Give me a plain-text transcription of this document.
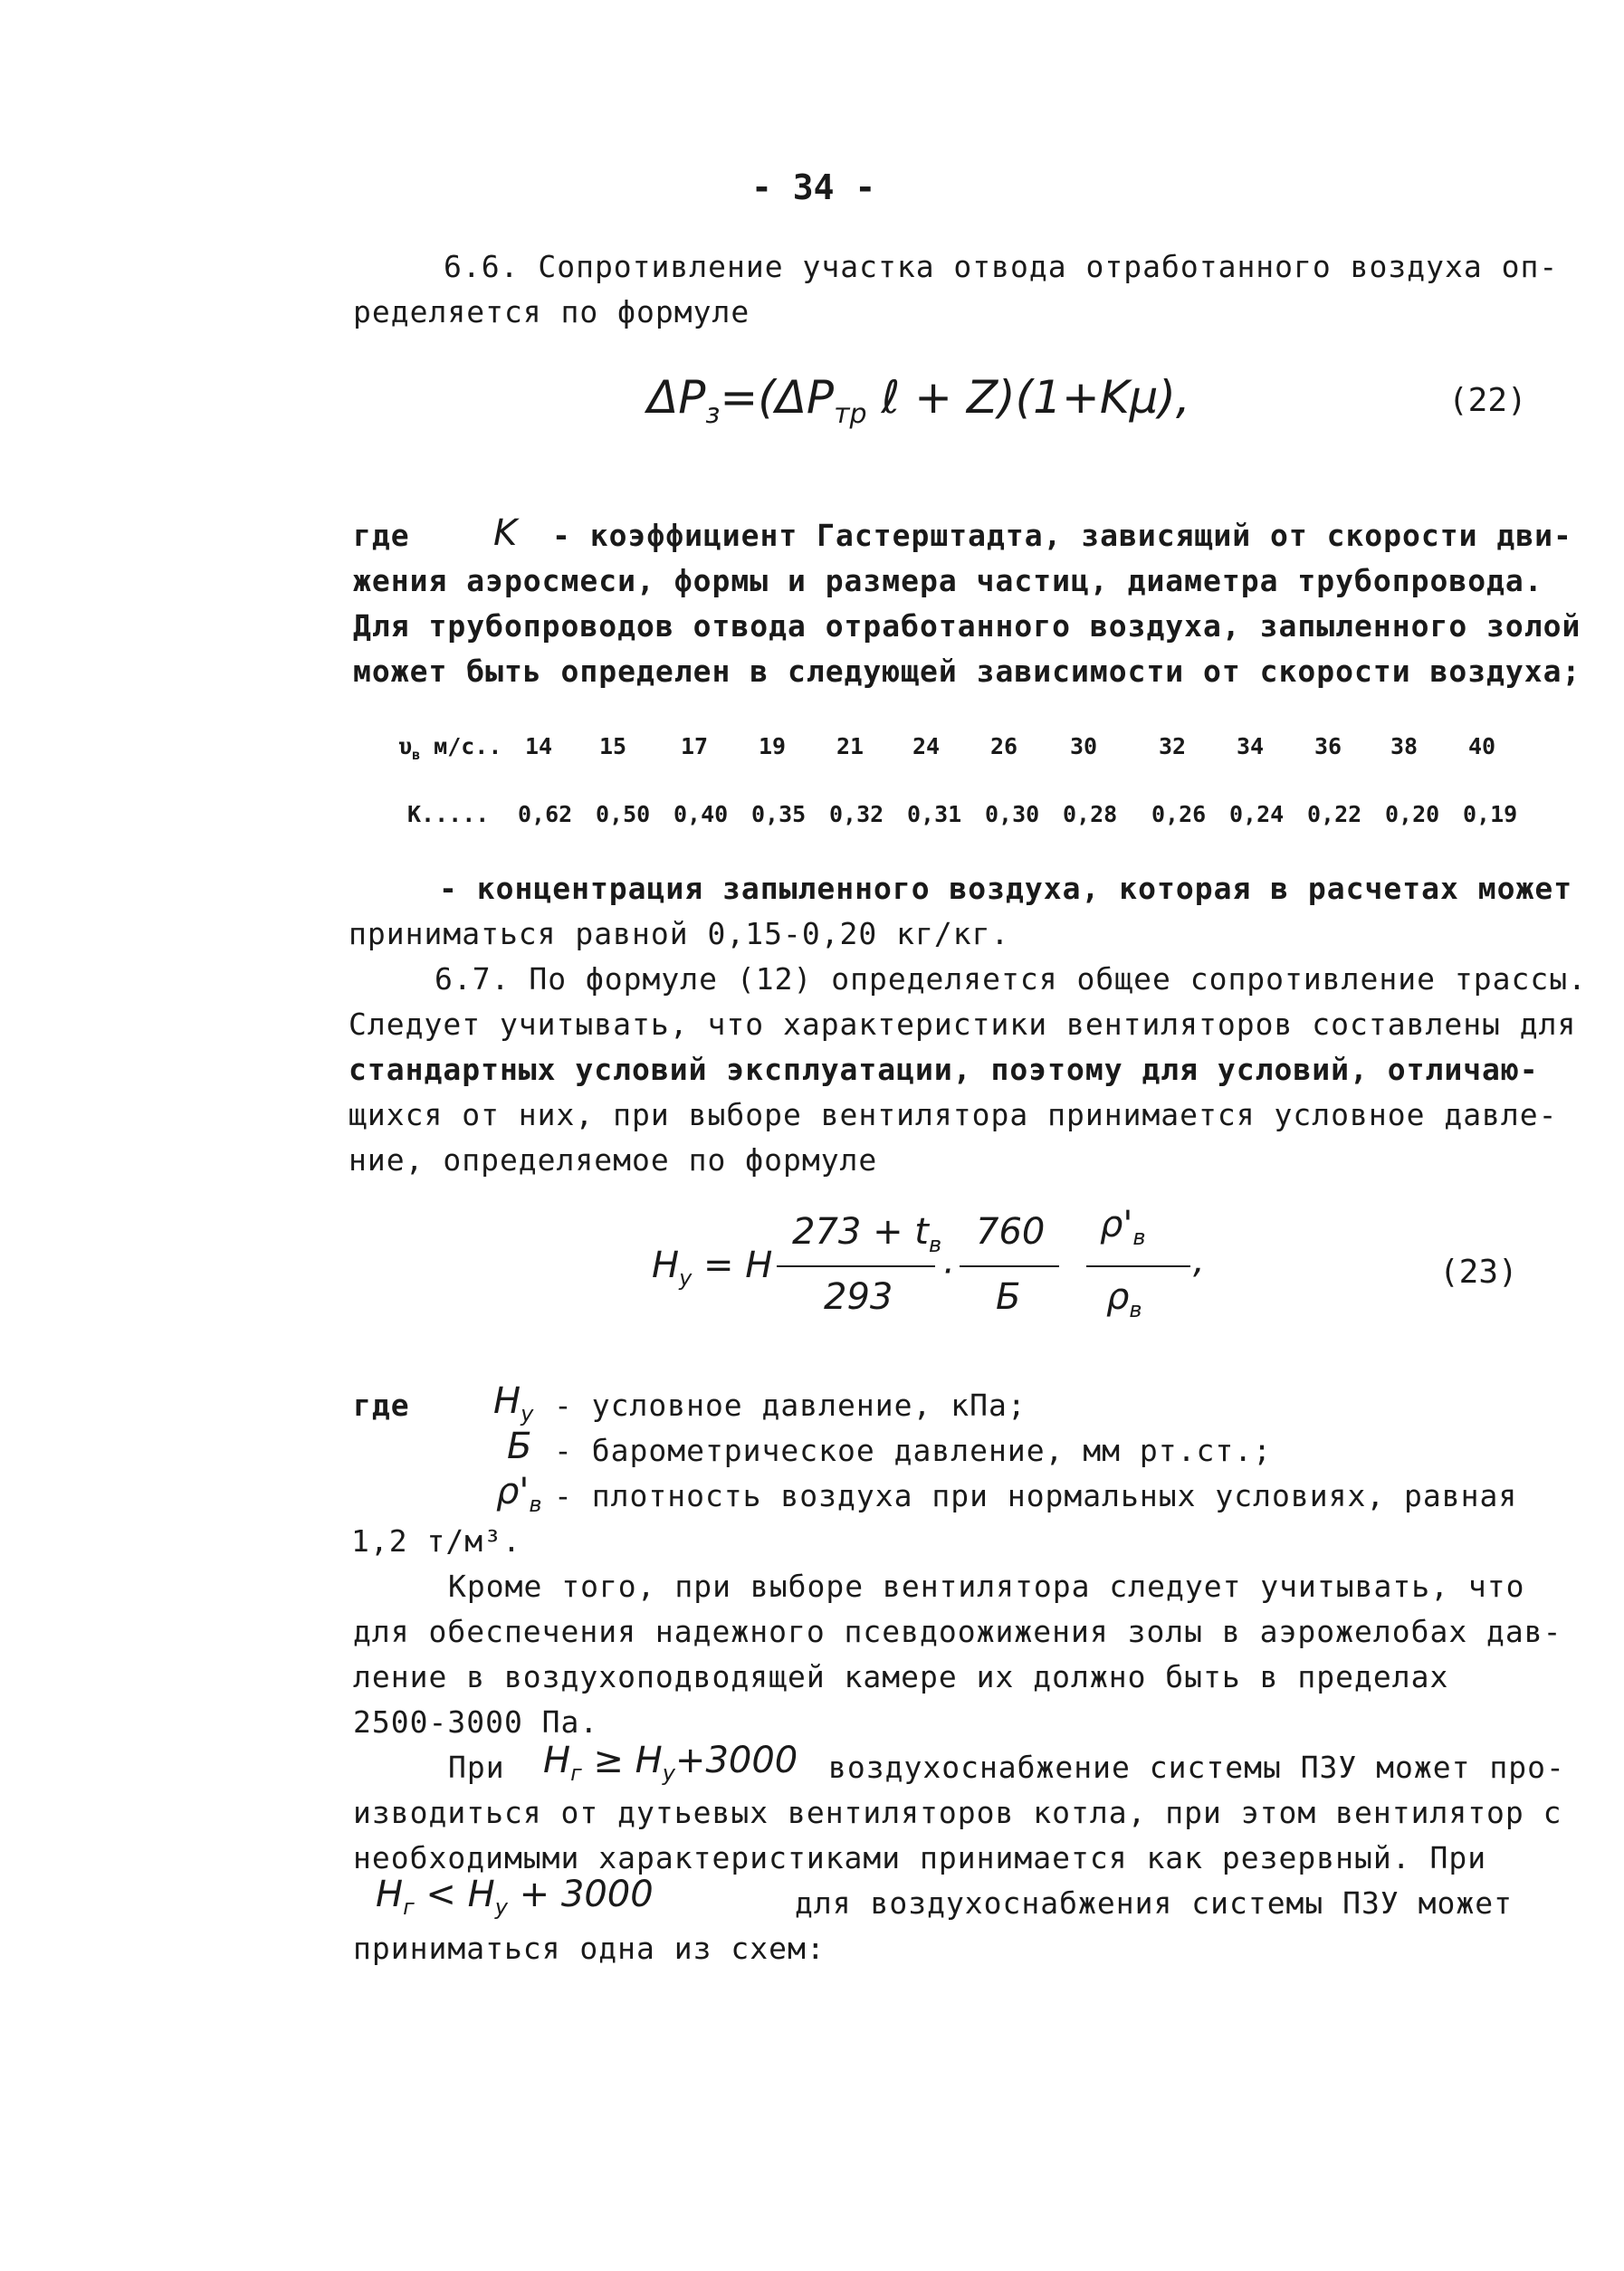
- 34 -
6.6. Сопротивление участка отвода отработанного воздуха оп-
ределяется по формуле
$\Delta P_з=(\Delta P_{тр}$ ℓ + Z)(1+Kμ),	(22)
где K - коэффициент Гастерштадта, зависящий от скорости дви-
жения аэросмеси, формы и размера частиц, диаметра трубопровода.
Для трубопроводов отвода отработанного воздуха, запыленного золой
может быть определен в следующей зависимости от скорости воздуха;
$\upsilon_в$ м/с.. 14 15 17 19 21 24 26 30	32 34 36 38 40
K..... 0,62 0,50 0,40 0,35 0,32 0,31 0,30 0,28 0,26 0,24 0,22 0,20 0,19
- концентрация запыленного воздуха, которая в расчетах может
приниматься равной 0,15-0,20 кг/кг.
6.7. По формуле (12) определяется общее сопротивление трассы.
Следует учитывать, что характеристики вентиляторов составлены для
стандартных условий эксплуатации, поэтому для условий, отличаю-
щихся от них, при выборе вентилятора принимается условное давле-
ние, определяемое по формуле
$H_y = H$
$273 + t_в$
293
·
760
Б
$\rho'_в$
$\rho_в$
,	(23)
где $H_y$ - условное давление, кПа;
Б - барометрическое давление, мм рт.ст.;
$\rho'_в$ - плотность воздуха при нормальных условиях, равная
1,2 т/м³.
Кроме того, при выборе вентилятора следует учитывать, что
для обеспечения надежного псевдоожижения золы в аэрожелобах дав-
ление в воздухоподводящей камере их должно быть в пределах
2500-3000 Па.
При $H_г \ge H_y+3000$ воздухоснабжение системы ПЗУ может про-
изводиться от дутьевых вентиляторов котла, при этом вентилятор с
необходимыми характеристиками принимается как резервный. При
$H_г < H_y + 3000$	для воздухоснабжения системы ПЗУ может
приниматься одна из схем:
